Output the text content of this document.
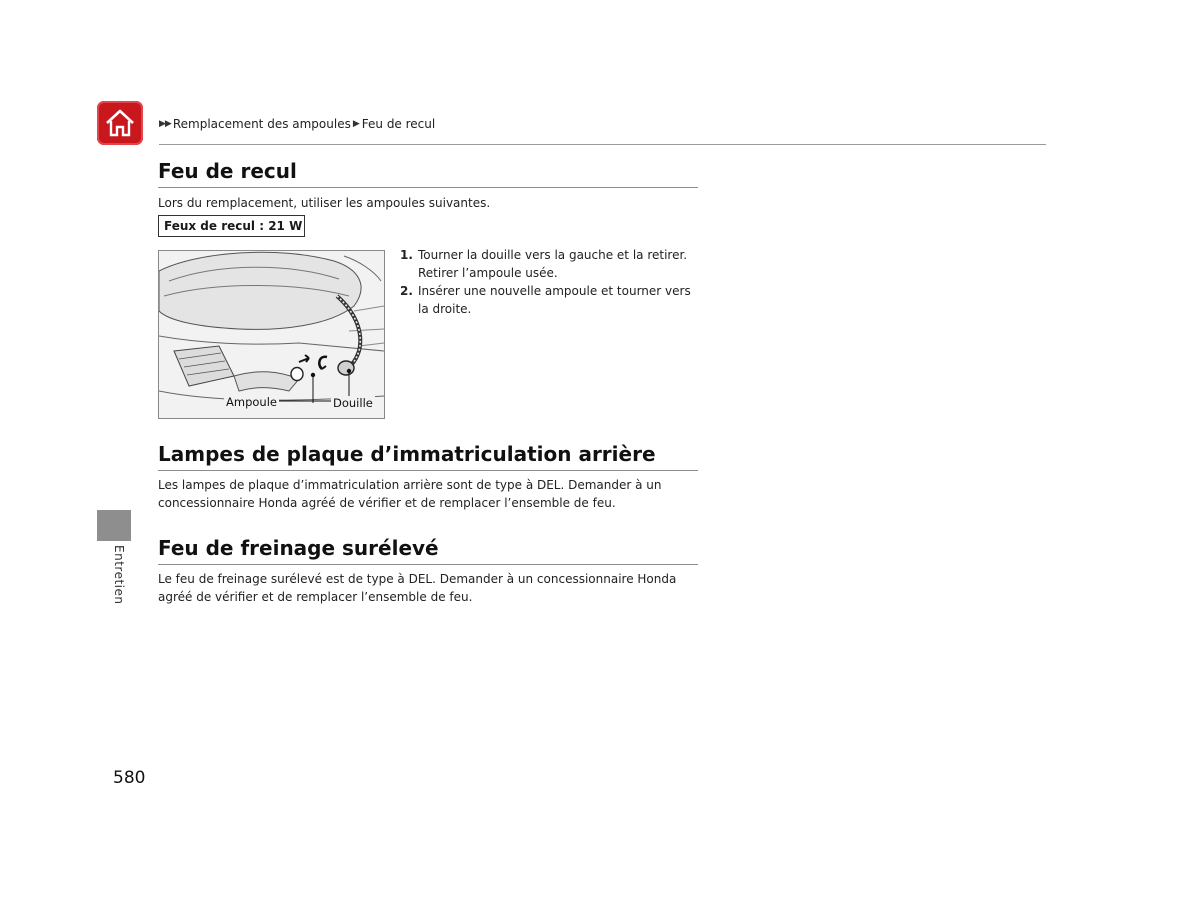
▶▶ Remplacement des ampoules ▶ Feu de recul
Feu de recul

Lors du remplacement, utiliser les ampoules suivantes.

Feux de recul : 21 W
Ampoule	Douille
1. Tourner la douille vers la gauche et la retirer. Retirer l’ampoule usée.
2. Insérer une nouvelle ampoule et tourner vers la droite.
Lampes de plaque d’immatriculation arrière

Les lampes de plaque d’immatriculation arrière sont de type à DEL. Demander à un concessionnaire Honda agréé de vérifier et de remplacer l’ensemble de feu.

Feu de freinage surélevé

Le feu de freinage surélevé est de type à DEL. Demander à un concessionnaire Honda agréé de vérifier et de remplacer l’ensemble de feu.

Entretien
580
